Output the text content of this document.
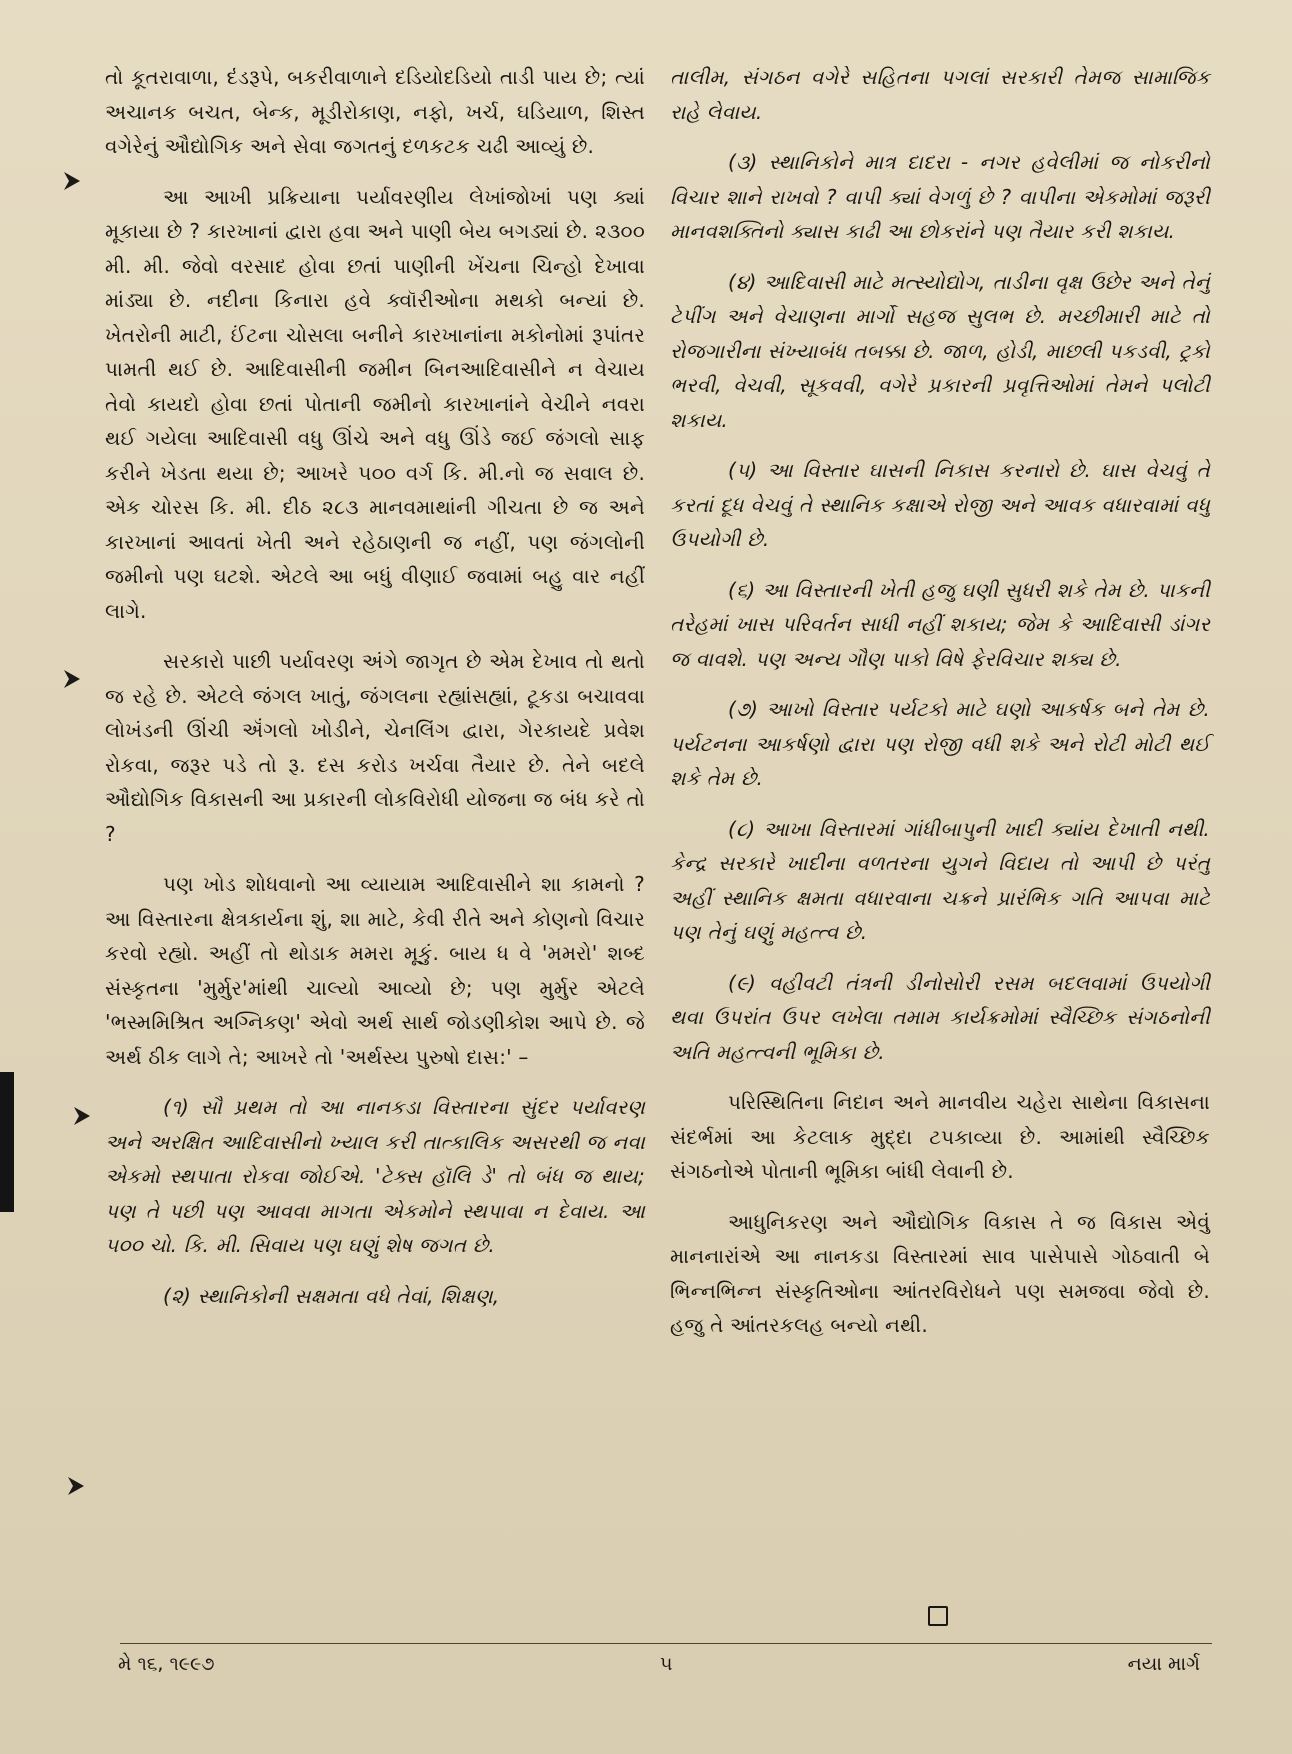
તો કૂતરાવાળા, દંડરૂપે, બકરીવાળાને દડિયોદડિયો તાડી પાય છે; ત્યાં અચાનક બચત, બેન્ક, મૂડીરોકાણ, નફો, ખર્ચ, ઘડિયાળ, શિસ્ત વગેરેનું ઔદ્યોગિક અને સેવા જગતનું દળકટક ચઢી આવ્યું છે.

આ આખી પ્રક્રિયાના પર્યાવરણીય લેખાંજોખાં પણ ક્યાં મૂકાયા છે ? કારખાનાં દ્વારા હવા અને પાણી બેય બગડ્યાં છે. ૨૩૦૦ મી. મી. જેવો વરસાદ હોવા છતાં પાણીની ખેંચના ચિન્હો દેખાવા માંડ્યા છે. નદીના કિનારા હવે ક્વૉરીઓના મથકો બન્યાં છે. ખેતરોની માટી, ઈંટના ચોસલા બનીને કારખાનાંના મકોનોમાં રૂપાંતર પામતી થઈ છે. આદિવાસીની જમીન બિનઆદિવાસીને ન વેચાય તેવો કાયદો હોવા છતાં પોતાની જમીનો કારખાનાંને વેચીને નવરા થઈ ગયેલા આદિવાસી વધુ ઊંચે અને વધુ ઊંડે જઈ જંગલો સાફ કરીને ખેડતા થયા છે; આખરે ૫૦૦ વર્ગ કિ. મી.નો જ સવાલ છે. એક ચોરસ કિ. મી. દીઠ ૨૮૩ માનવમાથાંની ગીચતા છે જ અને કારખાનાં આવતાં ખેતી અને રહેઠાણની જ નહીં, પણ જંગલોની જમીનો પણ ઘટશે. એટલે આ બધું વીણાઈ જવામાં બહુ વાર નહીં લાગે.

સરકારો પાછી પર્યાવરણ અંગે જાગૃત છે એમ દેખાવ તો થતો જ રહે છે. એટલે જંગલ ખાતું, જંગલના રહ્યાંસહ્યાં, ટૂકડા બચાવવા લોખંડની ઊંચી ઍંગલો ખોડીને, ચેનલિંગ દ્વારા, ગેરકાયદે પ્રવેશ રોકવા, જરૂર પડે તો રૂ. દસ કરોડ ખર્ચવા તૈયાર છે. તેને બદલે ઔદ્યોગિક વિકાસની આ પ્રકારની લોકવિરોધી યોજના જ બંધ કરે તો ?

પણ ખોડ શોધવાનો આ વ્યાયામ આદિવાસીને શા કામનો ? આ વિસ્તારના ક્ષેત્રકાર્યના શું, શા માટે, કેવી રીતે અને કોણનો વિચાર કરવો રહ્યો. અહીં તો થોડાક મમરા મૂકું. બાય ધ વે 'મમરો' શબ્દ સંસ્કૃતના 'મુર્મુર'માંથી ચાલ્યો આવ્યો છે; પણ મુર્મુર એટલે 'ભસ્મમિશ્રિત અગ્નિકણ' એવો અર્થ સાર્થ જોડણીકોશ આપે છે. જે અર્થ ઠીક લાગે તે; આખરે તો 'અર્થસ્ય પુરુષો દાસ:' –

(૧) સૌ પ્રથમ તો આ નાનકડા વિસ્તારના સુંદર પર્યાવરણ અને અરક્ષિત આદિવાસીનો ખ્યાલ કરી તાત્કાલિક અસરથી જ નવા એકમો સ્થપાતા રોકવા જોઈએ. 'ટેક્સ હૉલિ ડે' તો બંધ જ થાય; પણ તે પછી પણ આવવા માગતા એકમોને સ્થપાવા ન દેવાય. આ ૫૦૦ ચો. કિ. મી. સિવાય પણ ઘણું શેષ જગત છે.

(૨) સ્થાનિકોની સક્ષમતા વધે તેવાં, શિક્ષણ,

તાલીમ, સંગઠન વગેરે સહિતના પગલાં સરકારી તેમજ સામાજિક રાહે લેવાય.

(૩) સ્થાનિકોને માત્ર દાદરા - નગર હવેલીમાં જ નોકરીનો વિચાર શાને રાખવો ? વાપી ક્યાં વેગળું છે ? વાપીના એકમોમાં જરૂરી માનવશક્તિનો ક્યાસ કાઢી આ છોકરાંને પણ તૈયાર કરી શકાય.

(૪) આદિવાસી માટે મત્સ્યોદ્યોગ, તાડીના વૃક્ષ ઉછેર અને તેનું ટેપીંગ અને વેચાણના માર્ગો સહજ સુલભ છે. મચ્છીમારી માટે તો રોજગારીના સંખ્યાબંધ તબક્કા છે. જાળ, હોડી, માછલી પકડવી, ટ્રકો ભરવી, વેચવી, સૂકવવી, વગેરે પ્રકારની પ્રવૃત્તિઓમાં તેમને પલોટી શકાય.

(૫) આ વિસ્તાર ઘાસની નિકાસ કરનારો છે. ઘાસ વેચવું તે કરતાં દૂધ વેચવું તે સ્થાનિક કક્ષાએ રોજી અને આવક વધારવામાં વધુ ઉપયોગી છે.

(૬) આ વિસ્તારની ખેતી હજુ ઘણી સુધરી શકે તેમ છે. પાકની તરેહમાં ખાસ પરિવર્તન સાધી નહીં શકાય; જેમ કે આદિવાસી ડાંગર જ વાવશે. પણ અન્ય ગૌણ પાકો વિષે ફેરવિચાર શક્ય છે.

(૭) આખો વિસ્તાર પર્યટકો માટે ઘણો આકર્ષક બને તેમ છે. પર્યટનના આકર્ષણો દ્વારા પણ રોજી વધી શકે અને રોટી મોટી થઈ શકે તેમ છે.

(૮) આખા વિસ્તારમાં ગાંધીબાપુની ખાદી ક્યાંય દેખાતી નથી. કેન્દ્ર સરકારે ખાદીના વળતરના યુગને વિદાય તો આપી છે પરંતુ અહીં સ્થાનિક ક્ષમતા વધારવાના ચક્રને પ્રારંભિક ગતિ આપવા માટે પણ તેનું ઘણું મહત્ત્વ છે.

(૯) વહીવટી તંત્રની ડીનોસોરી રસમ બદલવામાં ઉપયોગી થવા ઉપરાંત ઉપર લખેલા તમામ કાર્યક્રમોમાં સ્વૈચ્છિક સંગઠનોની અતિ મહત્ત્વની ભૂમિકા છે.

પરિસ્થિતિના નિદાન અને માનવીય ચહેરા સાથેના વિકાસના સંદર્ભમાં આ કેટલાક મુદ્દા ટપકાવ્યા છે. આમાંથી સ્વૈચ્છિક સંગઠનોએ પોતાની ભૂમિકા બાંધી લેવાની છે.

આધુનિકરણ અને ઔદ્યોગિક વિકાસ તે જ વિકાસ એવું માનનારાંએ આ નાનકડા વિસ્તારમાં સાવ પાસેપાસે ગોઠવાતી બે ભિન્નભિન્ન સંસ્કૃતિઓના આંતરવિરોધને પણ સમજવા જેવો છે. હજુ તે આંતરકલહ બન્યો નથી.

મે ૧૬, ૧૯૯૭	૫	નયા માર્ગ
